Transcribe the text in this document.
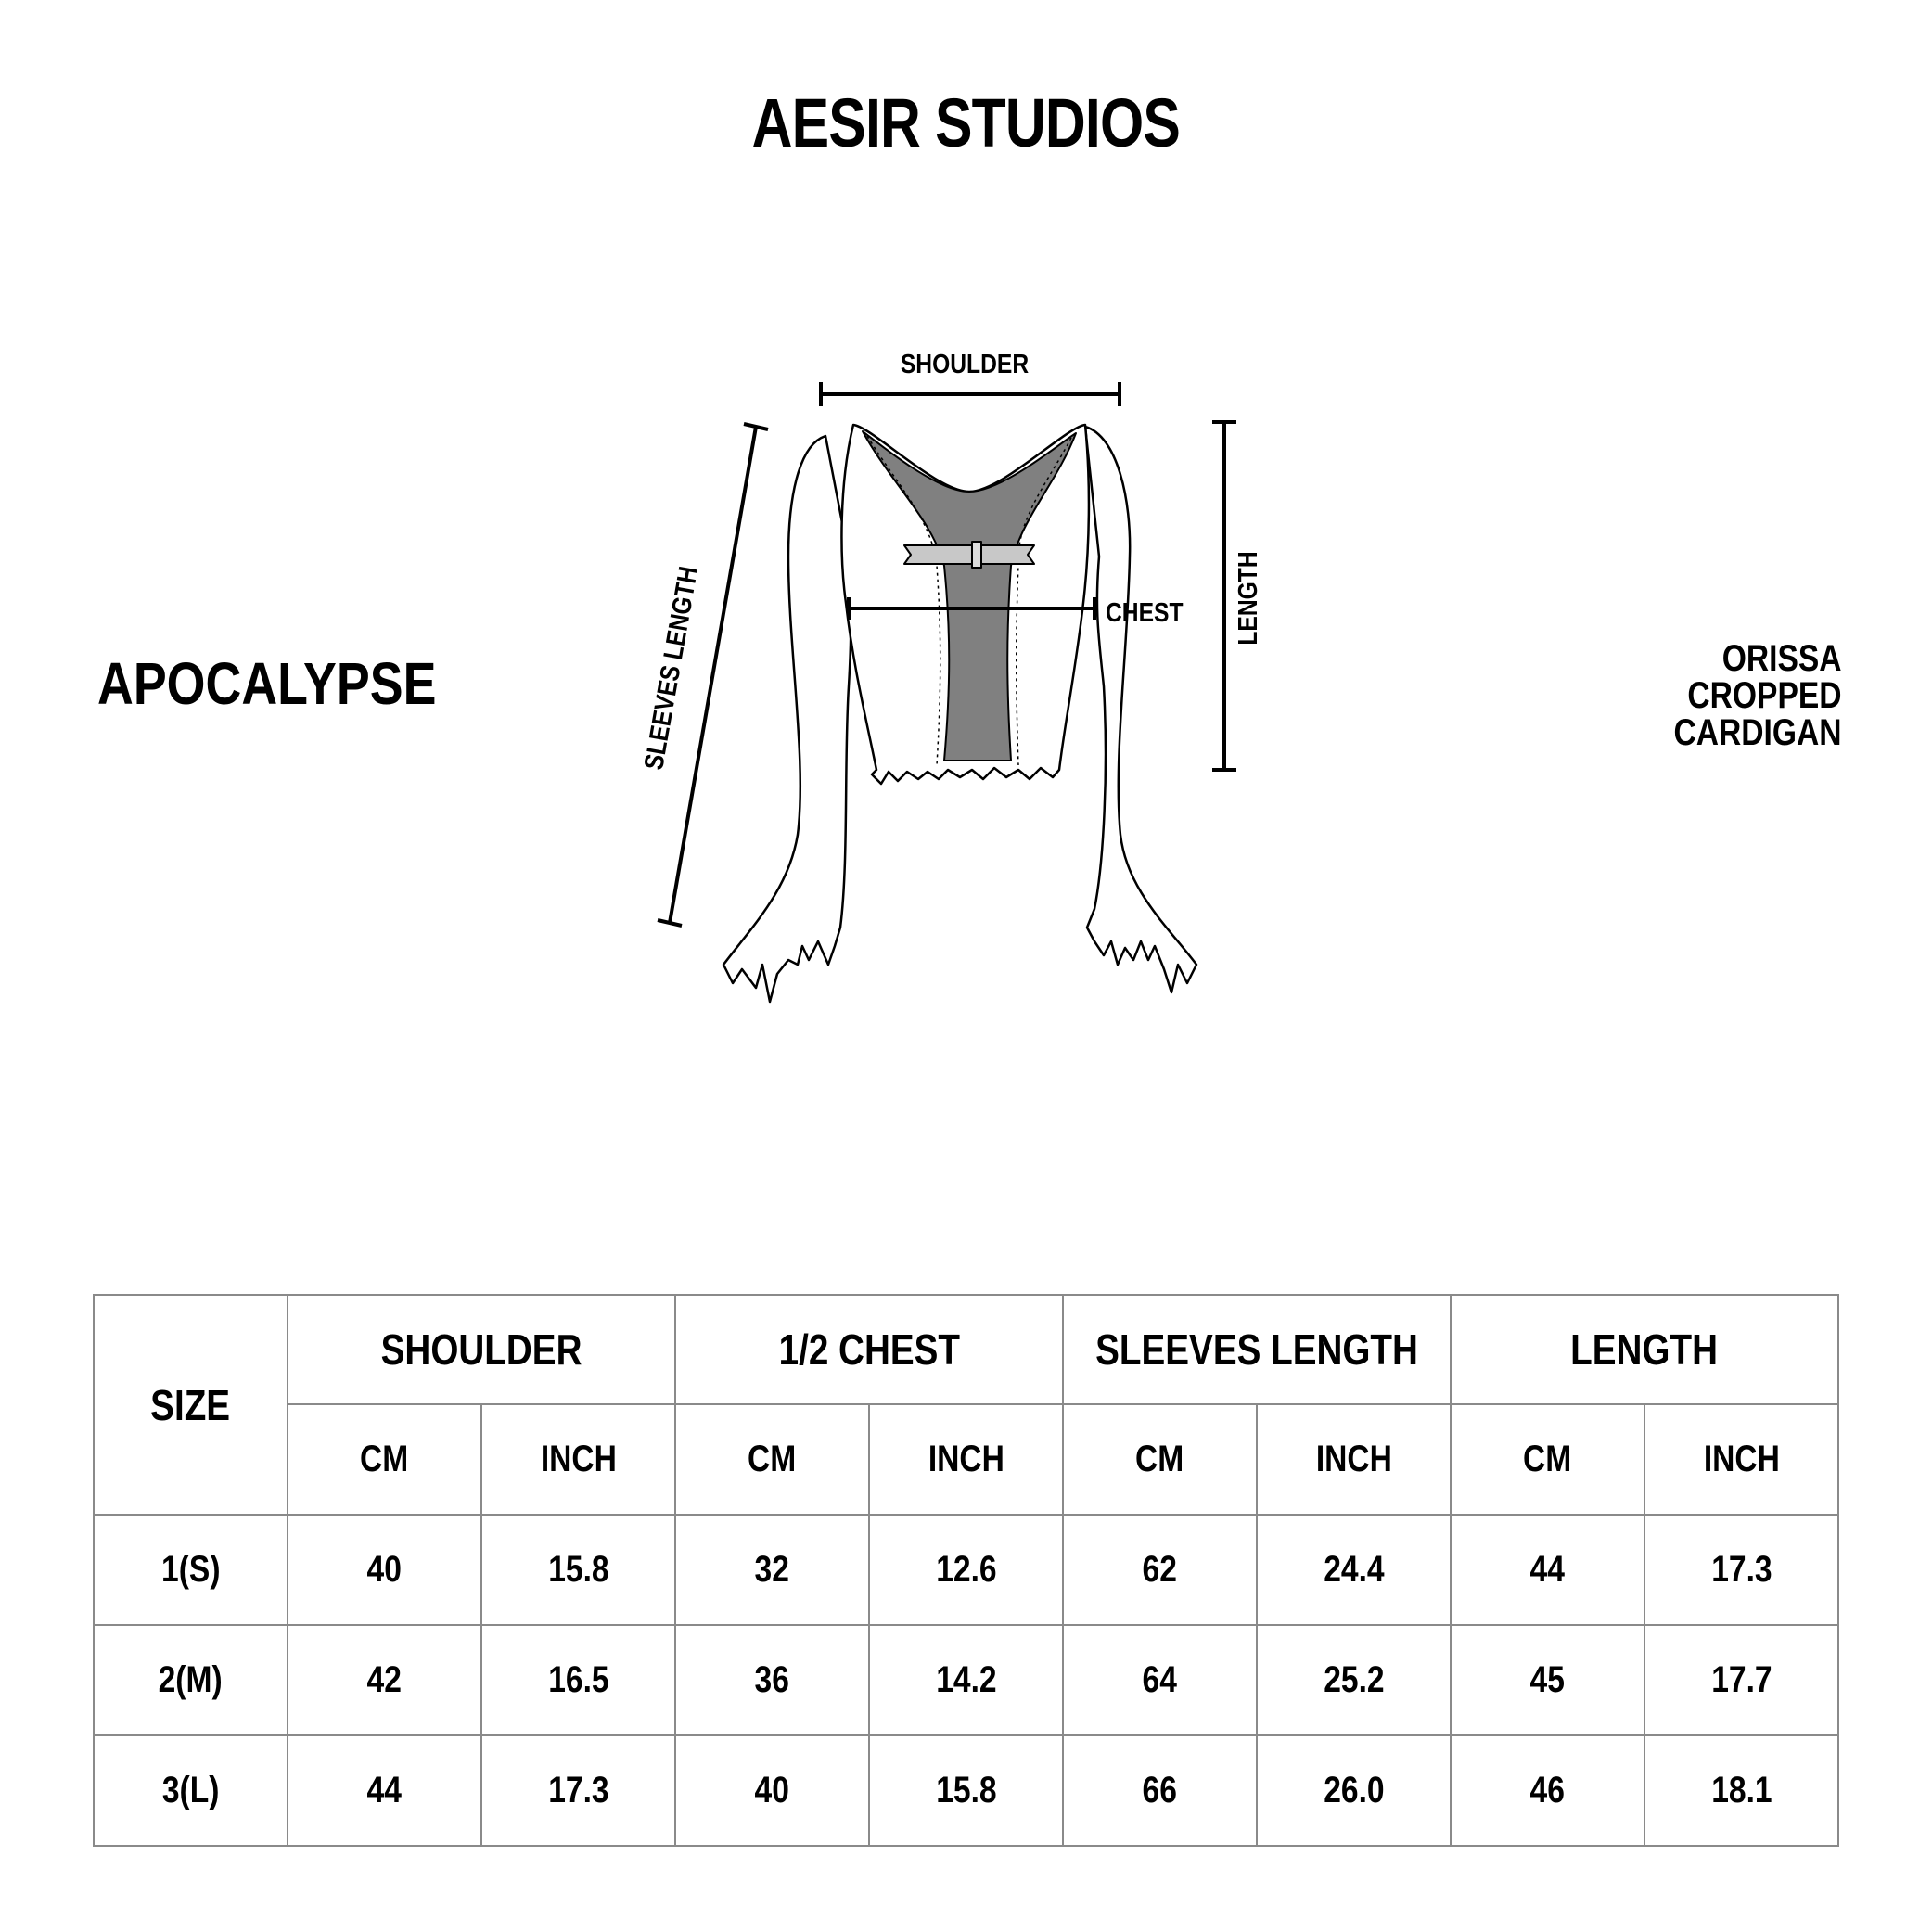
AESIR STUDIOS
APOCALYPSE	ORISSA
CROPPED
CARDIGAN
SHOULDER
CHEST LENGTH
SLEEVES LENGTH
SIZE	SHOULDER		1/2 CHEST		SLEEVES LENGTH		LENGTH	
	CM	INCH	CM	INCH	CM	INCH	CM	INCH
1(S)	40	15.8	32	12.6	62	24.4	44	17.3
2(M)	42	16.5	36	14.2	64	25.2	45	17.7
3(L)	44	17.3	40	15.8	66	26.0	46	18.1
